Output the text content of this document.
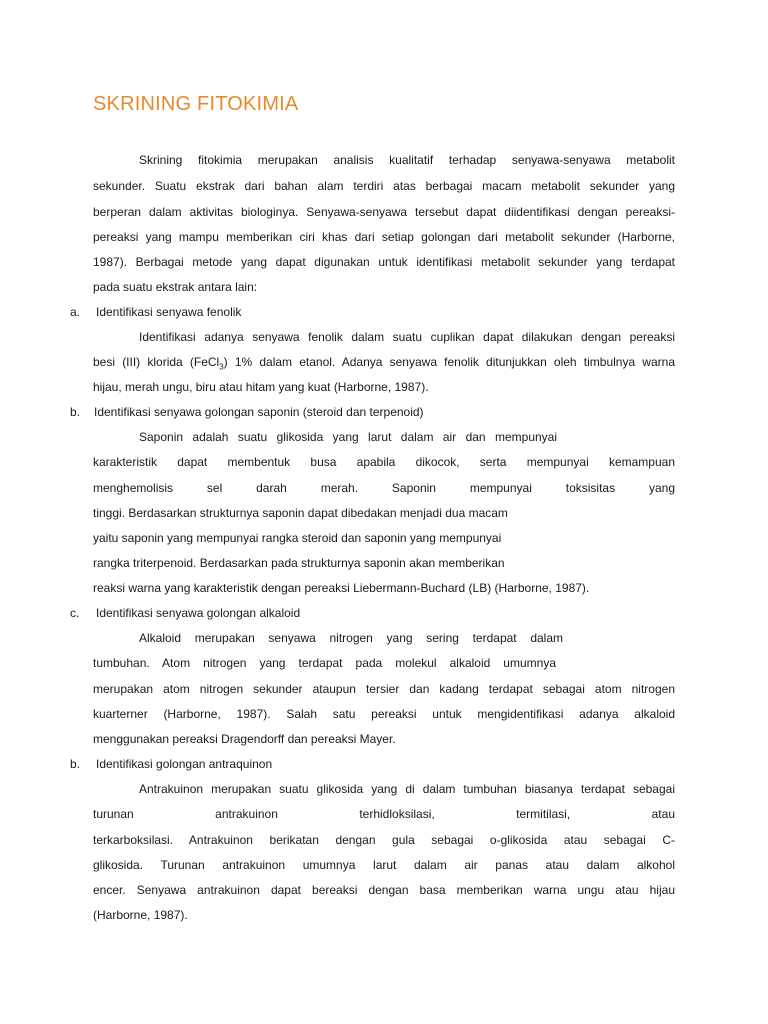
SKRINING FITOKIMIA
Skrining fitokimia merupakan analisis kualitatif terhadap senyawa-senyawa metabolit
sekunder. Suatu ekstrak dari bahan alam terdiri atas berbagai macam metabolit sekunder yang
berperan dalam aktivitas biologinya. Senyawa-senyawa tersebut dapat diidentifikasi dengan pereaksi-
pereaksi yang mampu memberikan ciri khas dari setiap golongan dari metabolit sekunder (Harborne,
1987). Berbagai metode yang dapat digunakan untuk identifikasi metabolit sekunder yang terdapat
pada suatu ekstrak antara lain:
a. Identifikasi senyawa fenolik
Identifikasi adanya senyawa fenolik dalam suatu cuplikan dapat dilakukan dengan pereaksi
besi (III) klorida (FeCl$_3$) 1% dalam etanol. Adanya senyawa fenolik ditunjukkan oleh timbulnya warna
hijau, merah ungu, biru atau hitam yang kuat (Harborne, 1987).
b. Identifikasi senyawa golongan saponin (steroid dan terpenoid)
Saponin adalah suatu glikosida yang larut dalam air dan mempunyai
karakteristik dapat membentuk busa apabila dikocok, serta mempunyai kemampuan
menghemolisis sel darah merah. Saponin mempunyai toksisitas yang
tinggi. Berdasarkan strukturnya saponin dapat dibedakan menjadi dua macam
yaitu saponin yang mempunyai rangka steroid dan saponin yang mempunyai
rangka triterpenoid. Berdasarkan pada strukturnya saponin akan memberikan
reaksi warna yang karakteristik dengan pereaksi Liebermann-Buchard (LB) (Harborne, 1987).
c. Identifikasi senyawa golongan alkaloid
Alkaloid merupakan senyawa nitrogen yang sering terdapat dalam
tumbuhan. Atom nitrogen yang terdapat pada molekul alkaloid umumnya
merupakan atom nitrogen sekunder ataupun tersier dan kadang terdapat sebagai atom nitrogen
kuarterner (Harborne, 1987). Salah satu pereaksi untuk mengidentifikasi adanya alkaloid
menggunakan pereaksi Dragendorff dan pereaksi Mayer.
b. Identifikasi golongan antraquinon
Antrakuinon merupakan suatu glikosida yang di dalam tumbuhan biasanya terdapat sebagai
turunan antrakuinon terhidloksilasi, termitilasi, atau
terkarboksilasi. Antrakuinon berikatan dengan gula sebagai o-glikosida atau sebagai C-
glikosida. Turunan antrakuinon umumnya larut dalam air panas atau dalam alkohol
encer. Senyawa antrakuinon dapat bereaksi dengan basa memberikan warna ungu atau hijau
(Harborne, 1987).
